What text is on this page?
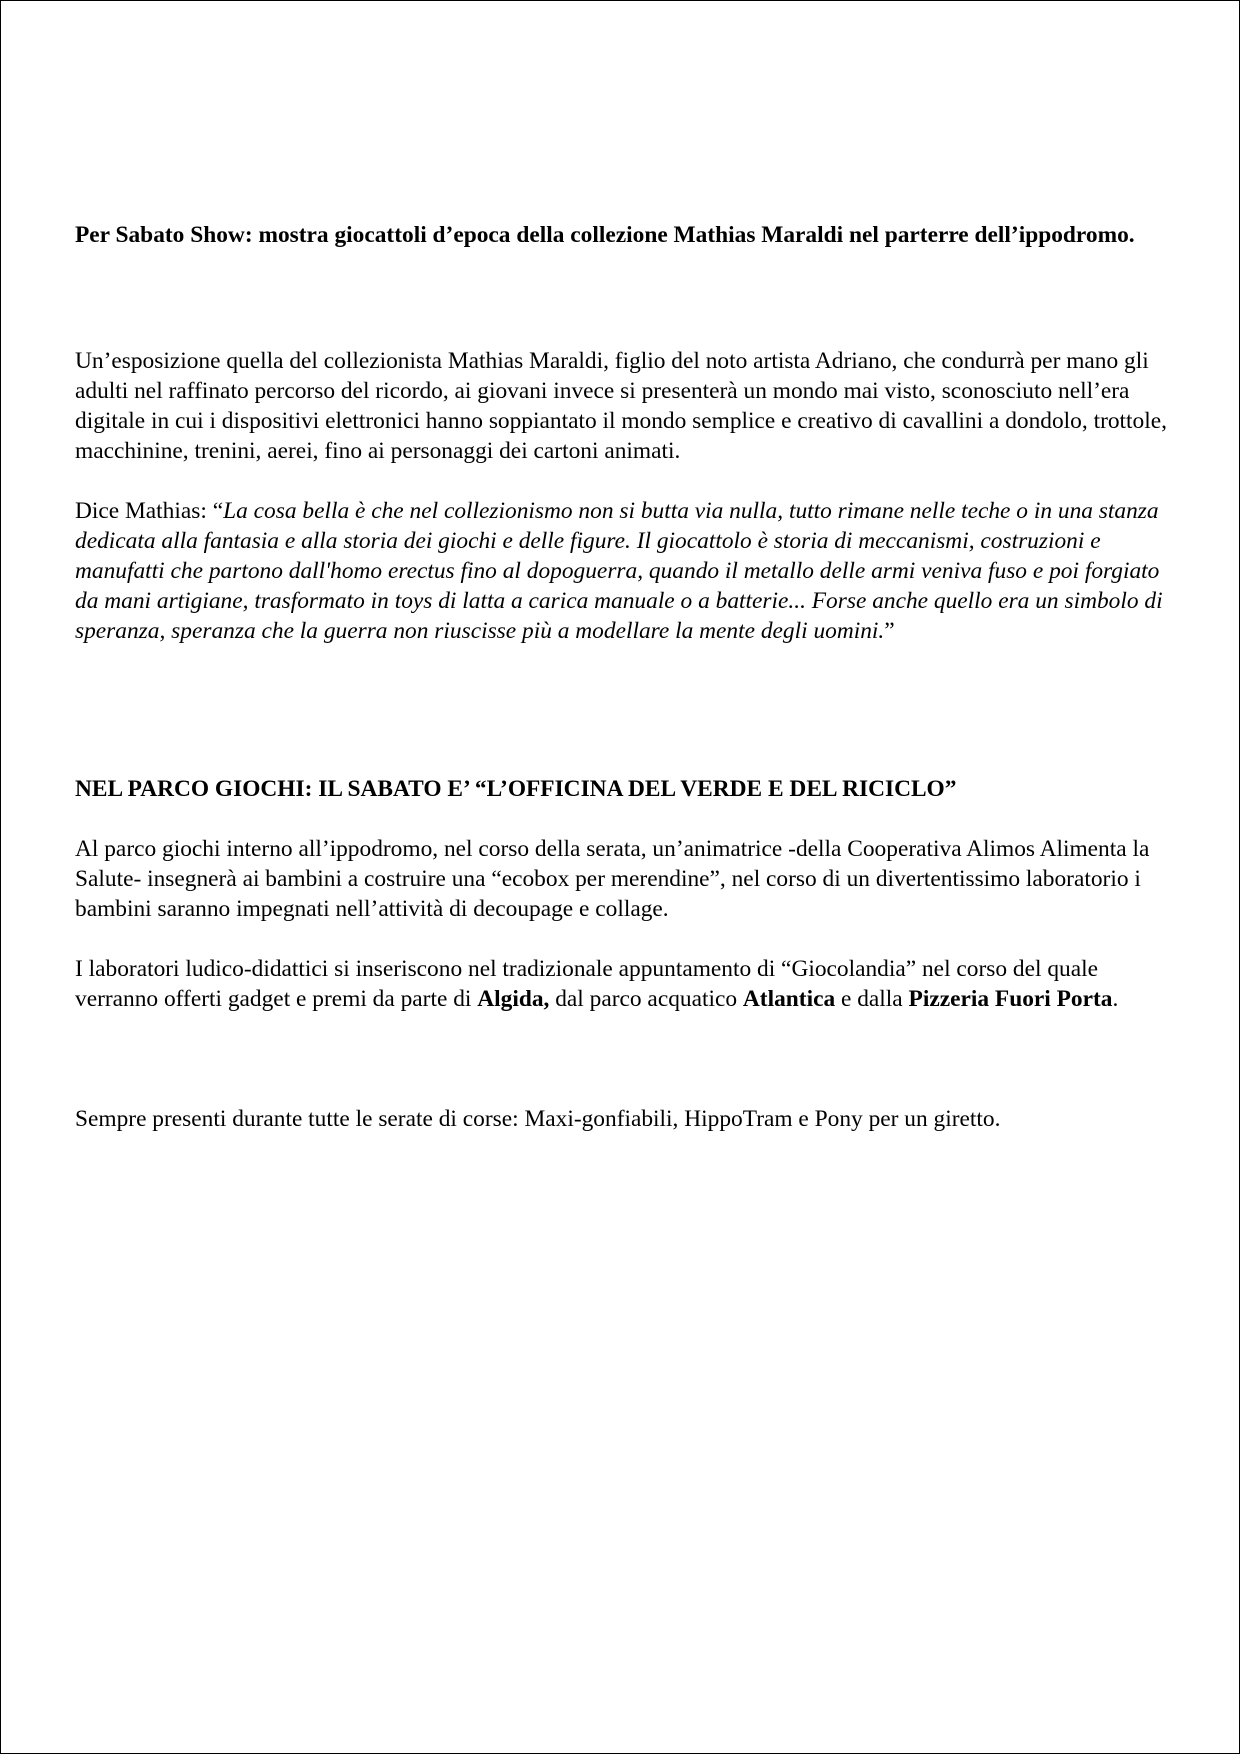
Per Sabato Show: mostra giocattoli d’epoca della collezione Mathias Maraldi nel parterre dell’ippodromo.

Un’esposizione quella del collezionista Mathias Maraldi, figlio del noto artista Adriano, che condurrà per mano gli adulti nel raffinato percorso del ricordo, ai giovani invece si presenterà un mondo mai visto, sconosciuto nell’era digitale in cui i dispositivi elettronici hanno soppiantato il mondo semplice e creativo di cavallini a dondolo, trottole, macchinine, trenini, aerei, fino ai personaggi dei cartoni animati.

Dice Mathias: “La cosa bella è che nel collezionismo non si butta via nulla, tutto rimane nelle teche o in una stanza dedicata alla fantasia e alla storia dei giochi e delle figure. Il giocattolo è storia di meccanismi, costruzioni e manufatti che partono dall'homo erectus fino al dopoguerra, quando il metallo delle armi veniva fuso e poi forgiato da mani artigiane, trasformato in toys di latta a carica manuale o a batterie... Forse anche quello era un simbolo di speranza, speranza che la guerra non riuscisse più a modellare la mente degli uomini.”

NEL PARCO GIOCHI: IL SABATO E’ “L’OFFICINA DEL VERDE E DEL RICICLO”

Al parco giochi interno all’ippodromo, nel corso della serata, un’animatrice -della Cooperativa Alimos Alimenta la Salute- insegnerà ai bambini a costruire una “ecobox per merendine”, nel corso di un divertentissimo laboratorio i bambini saranno impegnati nell’attività di decoupage e collage.

I laboratori ludico-didattici si inseriscono nel tradizionale appuntamento di “Giocolandia” nel corso del quale verranno offerti gadget e premi da parte di Algida, dal parco acquatico Atlantica e dalla Pizzeria Fuori Porta.

Sempre presenti durante tutte le serate di corse: Maxi-gonfiabili, HippoTram e Pony per un giretto.
